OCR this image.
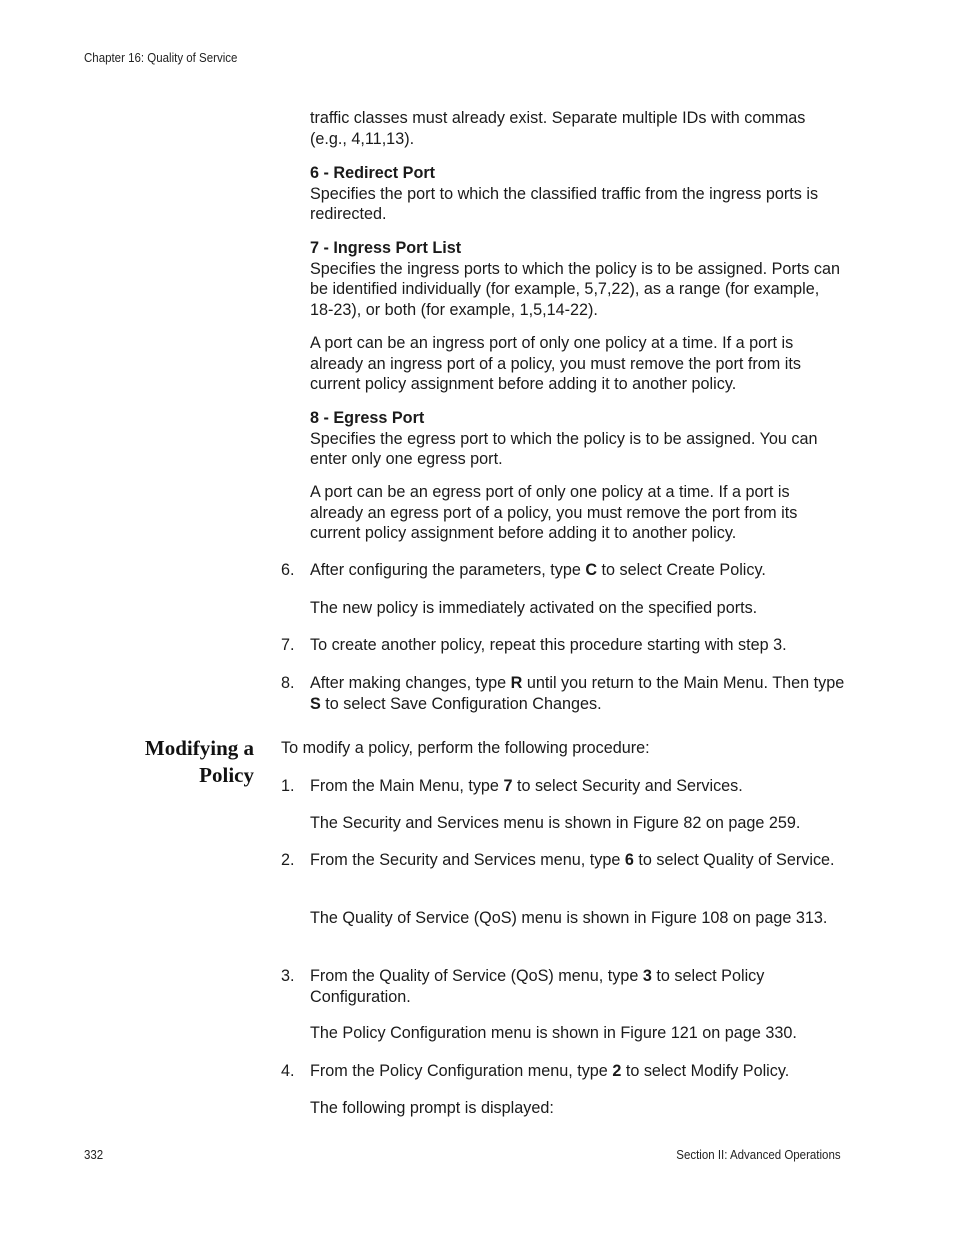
Chapter 16: Quality of Service
traffic classes must already exist. Separate multiple IDs with commas (e.g., 4,11,13).

6 - Redirect Port

Specifies the port to which the classified traffic from the ingress ports is redirected.

7 - Ingress Port List

Specifies the ingress ports to which the policy is to be assigned. Ports can be identified individually (for example, 5,7,22), as a range (for example, 18-23), or both (for example, 1,5,14-22).

A port can be an ingress port of only one policy at a time. If a port is already an ingress port of a policy, you must remove the port from its current policy assignment before adding it to another policy.

8 - Egress Port

Specifies the egress port to which the policy is to be assigned. You can enter only one egress port.

A port can be an egress port of only one policy at a time. If a port is already an egress port of a policy, you must remove the port from its current policy assignment before adding it to another policy.
6. After configuring the parameters, type C to select Create Policy.
The new policy is immediately activated on the specified ports.
7. To create another policy, repeat this procedure starting with step 3.
8. After making changes, type R until you return to the Main Menu. Then type S to select Save Configuration Changes.
Modifying a
Policy
To modify a policy, perform the following procedure:
1. From the Main Menu, type 7 to select Security and Services.
The Security and Services menu is shown in Figure 82 on page 259.
2. From the Security and Services menu, type 6 to select Quality of Service.
The Quality of Service (QoS) menu is shown in Figure 108 on page 313.
3. From the Quality of Service (QoS) menu, type 3 to select Policy Configuration.
The Policy Configuration menu is shown in Figure 121 on page 330.
4. From the Policy Configuration menu, type 2 to select Modify Policy.
The following prompt is displayed:
332	Section II: Advanced Operations
